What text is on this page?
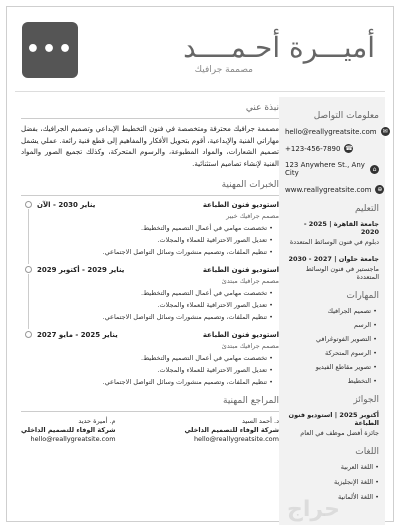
•••	أميـــرة أحـمــــد
مصممة جرافيك
معلومات التواصل
✉
hello@reallygreatsite.com
☎
+123-456-7890
⌂
123 Anywhere St., Any City
⊕
www.reallygreatsite.com
التعليم
جامعة القاهرة | 2025 - 2020
دبلوم في فنون الوسائط المتعددة
جامعة حلوان | 2027 - 2030
ماجستير في فنون الوسائط المتعددة
المهارات
• تصميم الجرافيك
• الرسم
• التصوير الفوتوغرافي
• الرسوم المتحركة
• تصوير مقاطع الفيديو
• التخطيط
الجوائز
أكتوبر 2025 | استوديو فنون الطباعة
جائزة أفضل موظف في العام
اللغات
• اللغة العربية
• اللغة الإنجليزية
• اللغة الألمانية
نبذة عني
مصممة جرافيك محترفة ومتخصصة في فنون التخطيط الإبداعي وتصميم الجرافيك، بفضل مهاراتي الفنية والإبداعية، أقوم بتحويل الأفكار والمفاهيم إلى قطع فنية رائعة. عملي يشمل تصميم الشعارات، والمواد المطبوعة، والرسوم المتحركة، وكذلك تجميع الصور والمواد الفنية لإنشاء تصاميم استثنائية.
الخبرات المهنية
استوديو فنون الطباعة
يناير 2030 - الآن
مصمم جرافيك خبير
• تخصصت مهامي في أعمال التصميم والتخطيط.
• تعديل الصور الاحترافية للعملاء والمجلات.
• تنظيم الملفات، وتصميم منشورات وسائل التواصل الاجتماعي.
استوديو فنون الطباعة
يناير 2029 - أكتوبر 2029
مصمم جرافيك مبتدئ
• تخصصت مهامي في أعمال التصميم والتخطيط.
• تعديل الصور الاحترافية للعملاء والمجلات.
• تنظيم الملفات، وتصميم منشورات وسائل التواصل الاجتماعي.
استوديو فنون الطباعة
يناير 2025 - مايو 2027
مصمم جرافيك مبتدئ
• تخصصت مهامي في أعمال التصميم والتخطيط.
• تعديل الصور الاحترافية للعملاء والمجلات.
• تنظيم الملفات، وتصميم منشورات وسائل التواصل الاجتماعي.
المراجع المهنية
د. أحمد السيد
شركة الوفاء للتصميم الداخلي
hello@reallygreatsite.com
م. أميرة حديد
شركة الوفاء للتصميم الداخلي
hello@reallygreatsite.com
حراج
